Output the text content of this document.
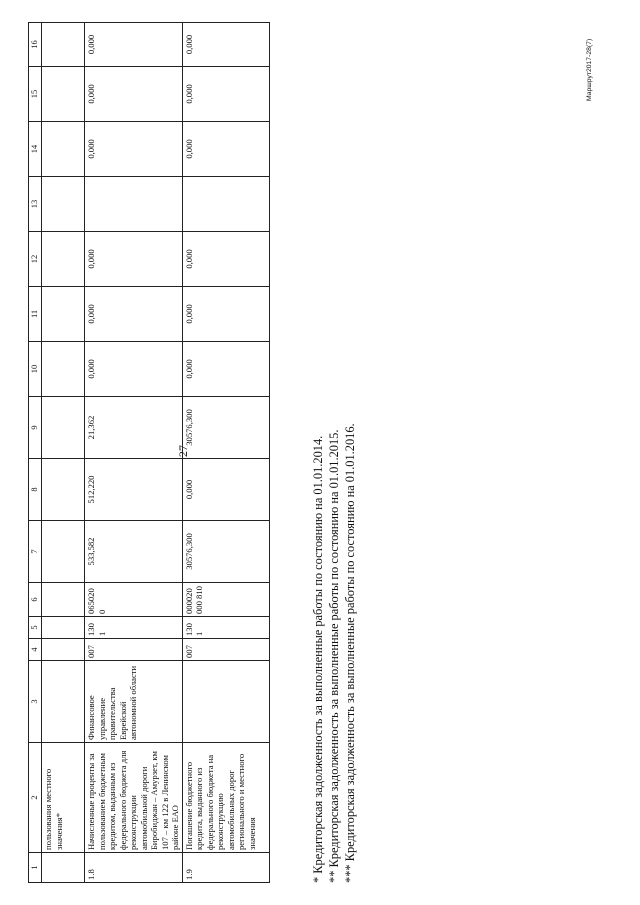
27
Маршрут2017-28(7)
1	2	3	4	5	6	7	8	9	10	11	12	13	14	15	16
	пользования местного значения*														
1.8	Начисленные проценты за пользованием бюджетным кредитом, выданным из федерального бюджета для реконструкции автомобильной дороги Биробиджан – Амурзет, км 107 – км 122 в Ленинском районе ЕАО	Финансовое управление правительства Еврейской автономной области	007	1301	0650200	533,582	512,220	21,362	0,000	0,000	0,000		0,000	0,000	0,000
1.9	Погашение бюджетного кредита, выданного из федерального бюджета на реконструкцию автомобильных дорог регионального и местного значения		007	1301	000020000 810	30576,300	0,000	30576,300	0,000	0,000	0,000		0,000	0,000	0,000
* Кредиторская задолженность за выполненные работы по состоянию на 01.01.2014. ** Кредиторская задолженность за выполненные работы по состоянию на 01.01.2015. *** Кредиторская задолженность за выполненные работы по состоянию на 01.01.2016.
